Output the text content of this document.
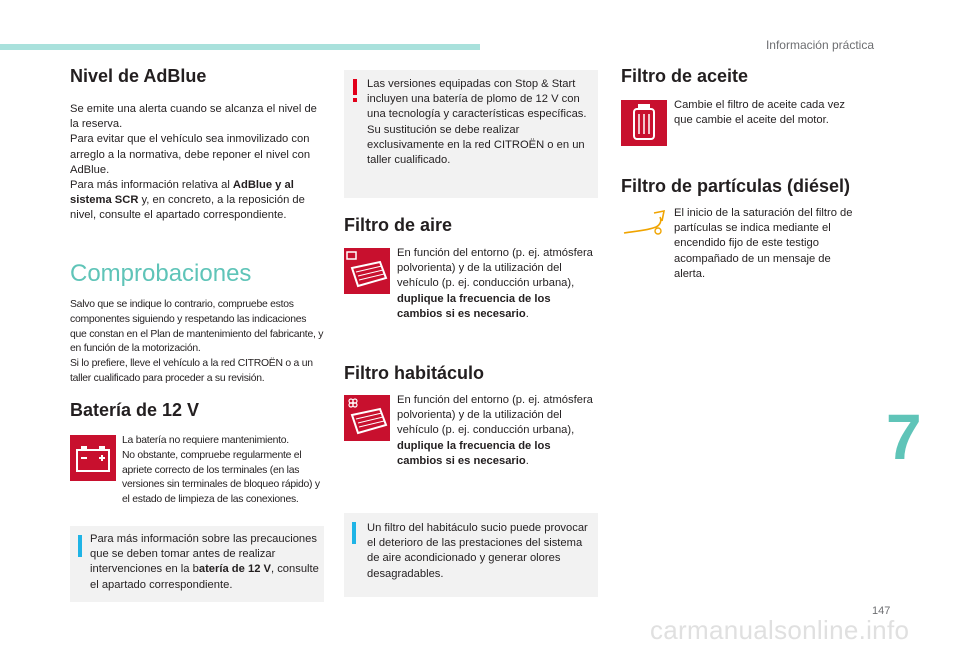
Información práctica
Nivel de AdBlue
Se emite una alerta cuando se alcanza el nivel de la reserva.
Para evitar que el vehículo sea inmovilizado con arreglo a la normativa, debe reponer el nivel con AdBlue.
Para más información relativa al AdBlue y al sistema SCR y, en concreto, a la reposición de nivel, consulte el apartado correspondiente.
Comprobaciones
Salvo que se indique lo contrario, compruebe estos componentes siguiendo y respetando las indicaciones que constan en el Plan de mantenimiento del fabricante, y en función de la motorización.
Si lo prefiere, lleve el vehículo a la red CITROËN o a un taller cualificado para proceder a su revisión.
Batería de 12 V
La batería no requiere mantenimiento.
No obstante, compruebe regularmente el apriete correcto de los terminales (en las versiones sin terminales de bloqueo rápido) y el estado de limpieza de las conexiones.
Para más información sobre las precauciones que se deben tomar antes de realizar intervenciones en la batería de 12 V, consulte el apartado correspondiente.
Las versiones equipadas con Stop & Start incluyen una batería de plomo de 12 V con una tecnología y características específicas.
Su sustitución se debe realizar exclusivamente en la red CITROËN o en un taller cualificado.
Filtro de aire
En función del entorno (p. ej. atmósfera polvorienta) y de la utilización del vehículo (p. ej. conducción urbana), duplique la frecuencia de los cambios si es necesario.
Filtro habitáculo
En función del entorno (p. ej. atmósfera polvorienta) y de la utilización del vehículo (p. ej. conducción urbana), duplique la frecuencia de los cambios si es necesario.
Un filtro del habitáculo sucio puede provocar el deterioro de las prestaciones del sistema de aire acondicionado y generar olores desagradables.
Filtro de aceite
Cambie el filtro de aceite cada vez que cambie el aceite del motor.
Filtro de partículas (diésel)
El inicio de la saturación del filtro de partículas se indica mediante el encendido fijo de este testigo acompañado de un mensaje de alerta.
7
carmanualsonline.info
147
